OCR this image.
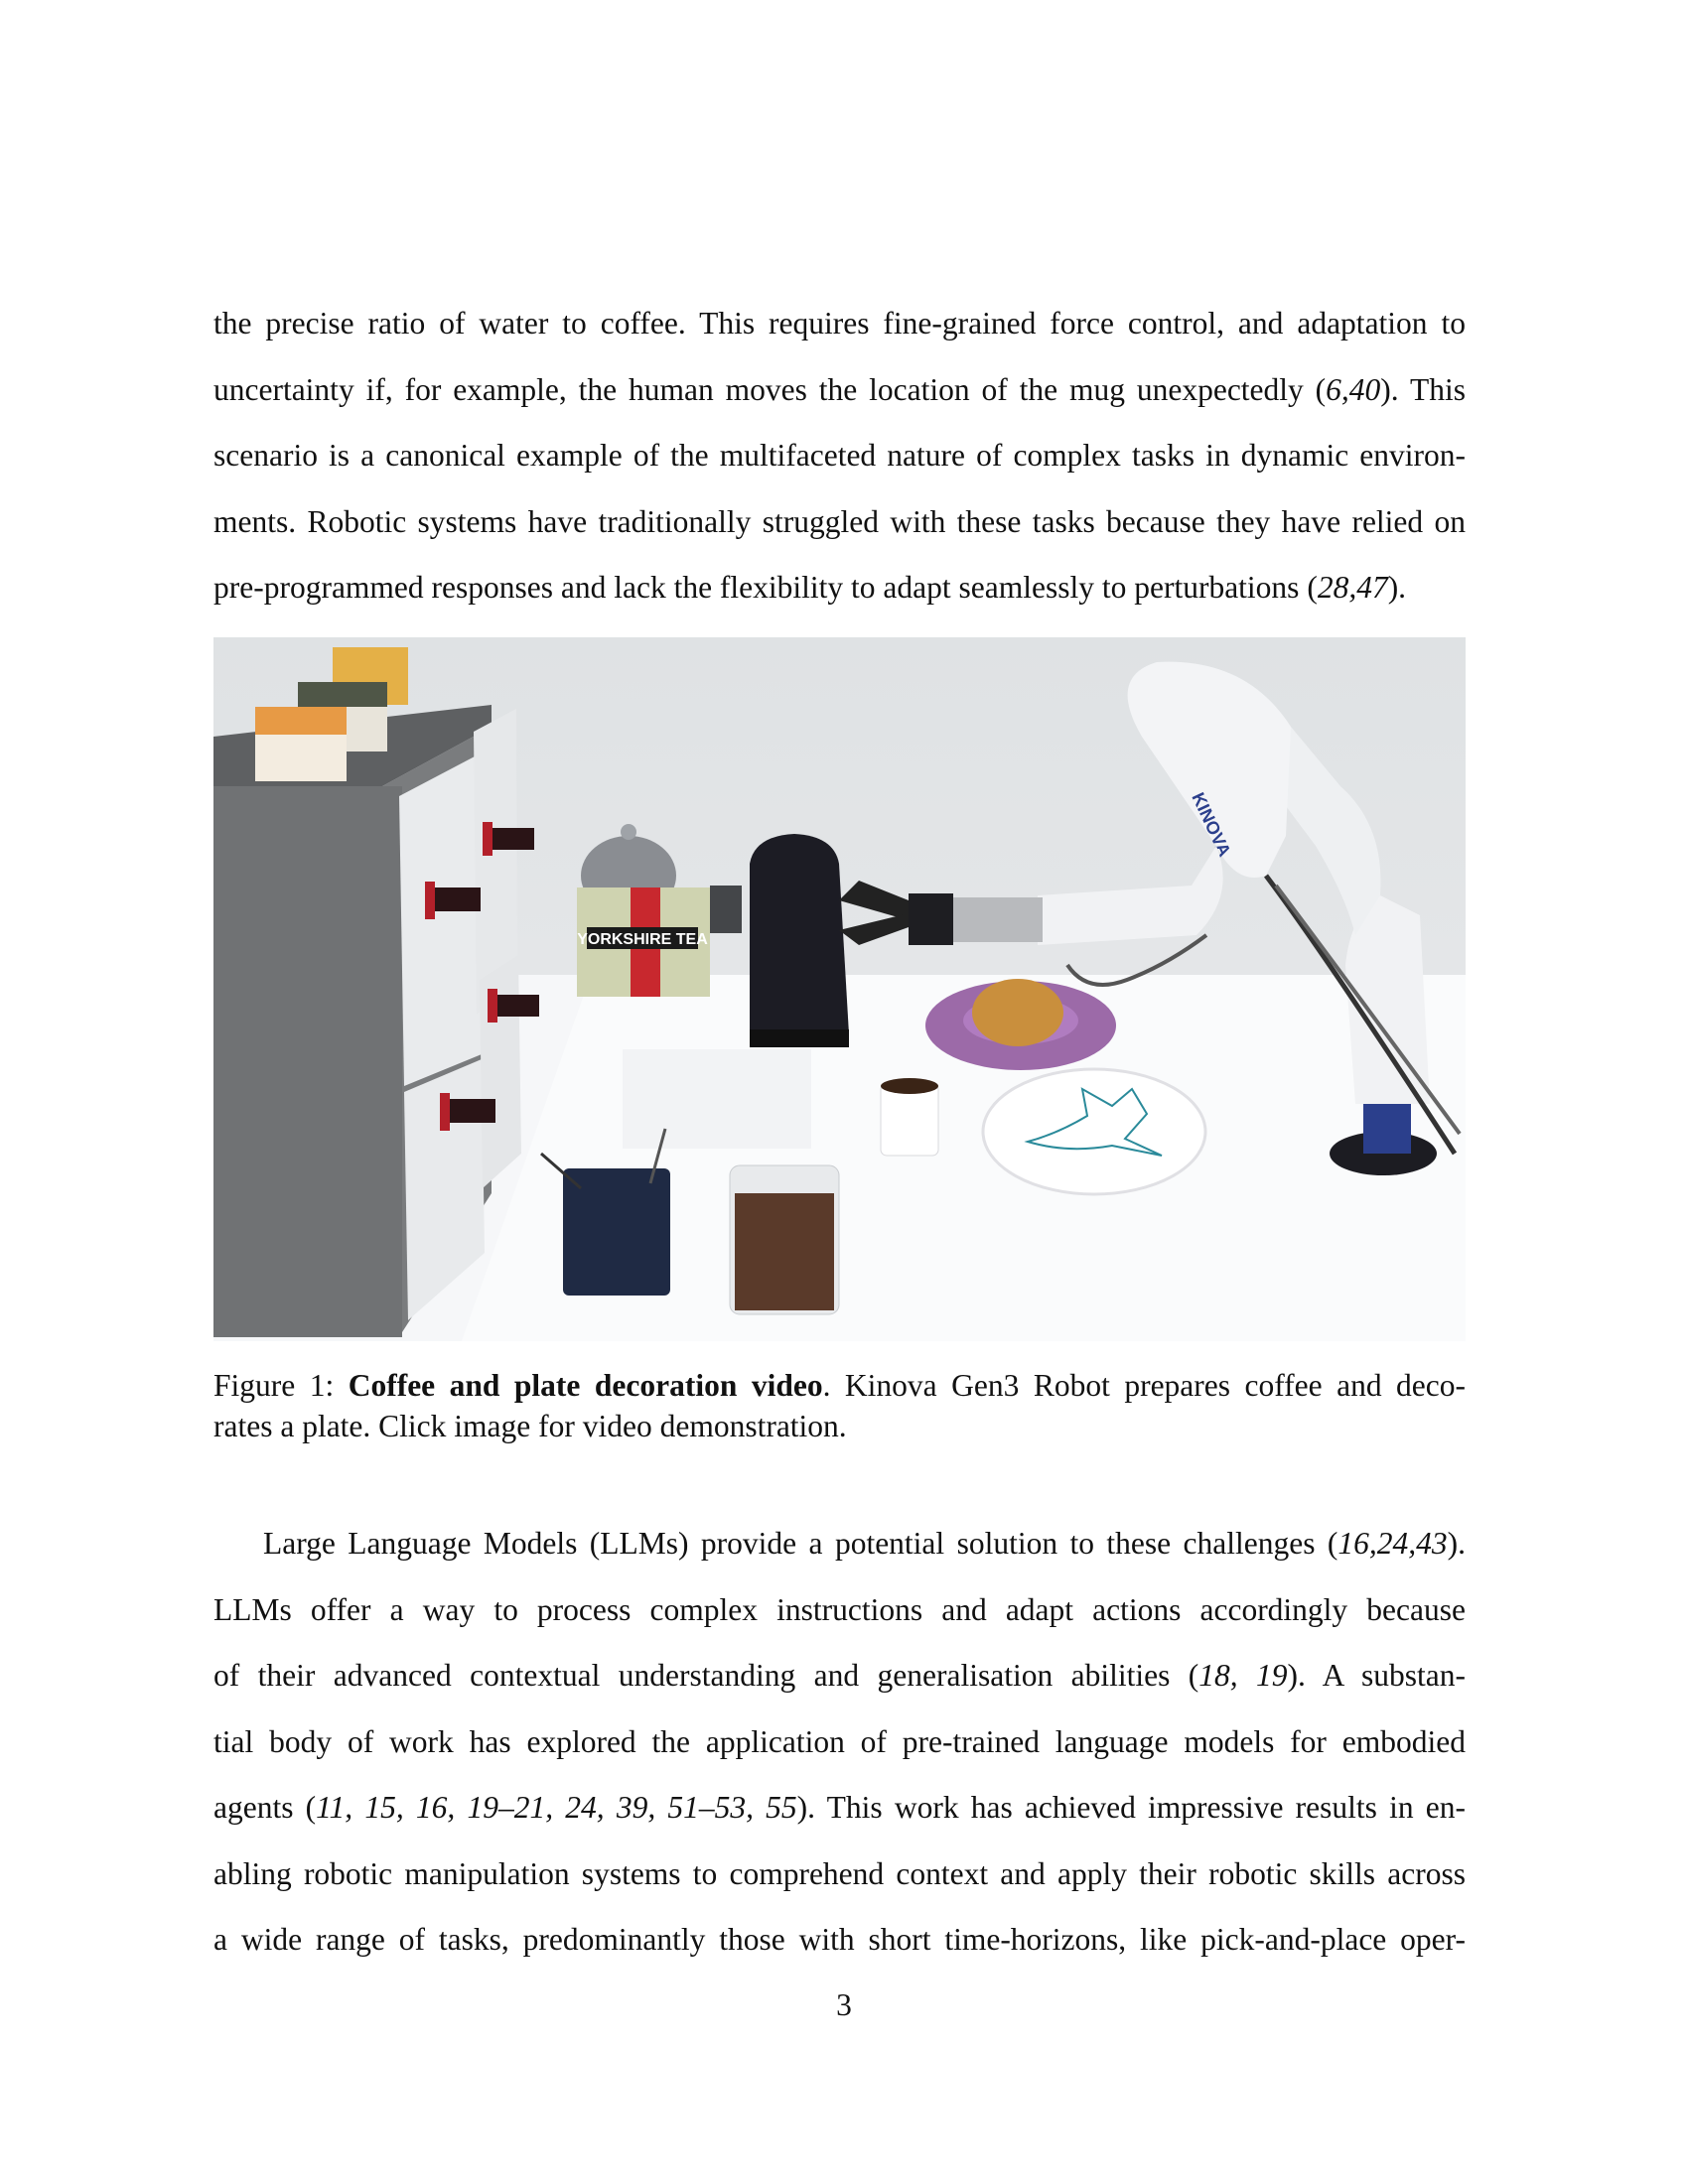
the precise ratio of water to coffee. This requires fine-grained force control, and adaptation to
uncertainty if, for example, the human moves the location of the mug unexpectedly (6,40). This
scenario is a canonical example of the multifaceted nature of complex tasks in dynamic environ-
ments. Robotic systems have traditionally struggled with these tasks because they have relied on
pre-programmed responses and lack the flexibility to adapt seamlessly to perturbations (28,47).
YORKSHIRE TEA
KINOVA
Figure 1: Coffee and plate decoration video. Kinova Gen3 Robot prepares coffee and deco-
rates a plate. Click image for video demonstration.
Large Language Models (LLMs) provide a potential solution to these challenges (16,24,43).
LLMs offer a way to process complex instructions and adapt actions accordingly because
of their advanced contextual understanding and generalisation abilities (18, 19). A substan-
tial body of work has explored the application of pre-trained language models for embodied
agents (11, 15, 16, 19–21, 24, 39, 51–53, 55). This work has achieved impressive results in en-
abling robotic manipulation systems to comprehend context and apply their robotic skills across
a wide range of tasks, predominantly those with short time-horizons, like pick-and-place oper-
3
